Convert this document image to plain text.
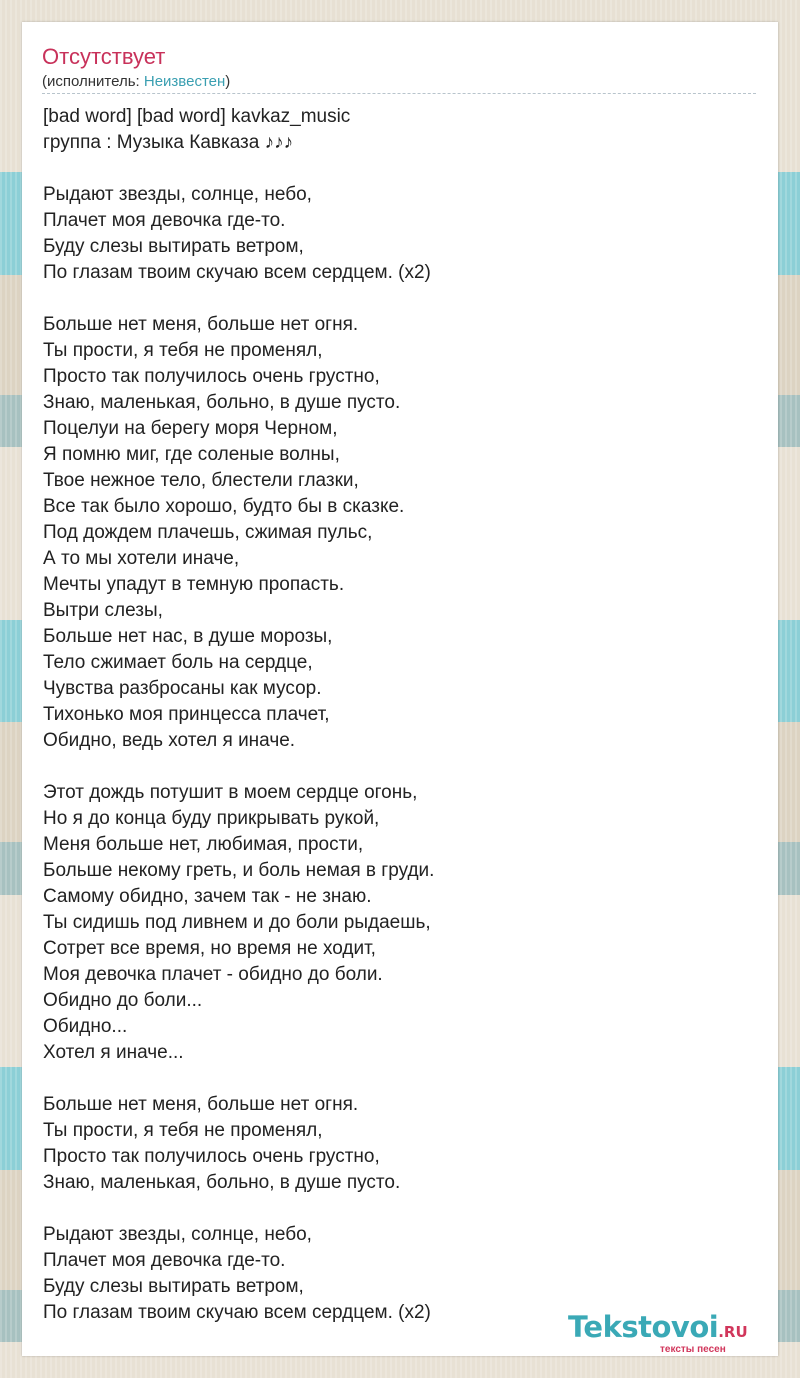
Отсутствует
(исполнитель: Неизвестен)
[bad word] [bad word] kavkaz_music
группа : Музыка Кавказа ♪♪♪
Рыдают звезды, солнце, небо,
Плачет моя девочка где-то.
Буду слезы вытирать ветром,
По глазам твоим скучаю всем сердцем. (x2)
Больше нет меня, больше нет огня.
Ты прости, я тебя не променял,
Просто так получилось очень грустно,
Знаю, маленькая, больно, в душе пусто.
Поцелуи на берегу моря Черном,
Я помню миг, где соленые волны,
Твое нежное тело, блестели глазки,
Все так было хорошо, будто бы в сказке.
Под дождем плачешь, сжимая пульс,
А то мы хотели иначе,
Мечты упадут в темную пропасть.
Вытри слезы,
Больше нет нас, в душе морозы,
Тело сжимает боль на сердце,
Чувства разбросаны как мусор.
Тихонько моя принцесса плачет,
Обидно, ведь хотел я иначе.
Этот дождь потушит в моем сердце огонь,
Но я до конца буду прикрывать рукой,
Меня больше нет, любимая, прости,
Больше некому греть, и боль немая в груди.
Самому обидно, зачем так - не знаю.
Ты сидишь под ливнем и до боли рыдаешь,
Сотрет все время, но время не ходит,
Моя девочка плачет - обидно до боли.
Обидно до боли...
Обидно...
Хотел я иначе...
Больше нет меня, больше нет огня.
Ты прости, я тебя не променял,
Просто так получилось очень грустно,
Знаю, маленькая, больно, в душе пусто.
Рыдают звезды, солнце, небо,
Плачет моя девочка где-то.
Буду слезы вытирать ветром,
По глазам твоим скучаю всем сердцем. (x2)	Tekstovoi.RU
тексты песен
